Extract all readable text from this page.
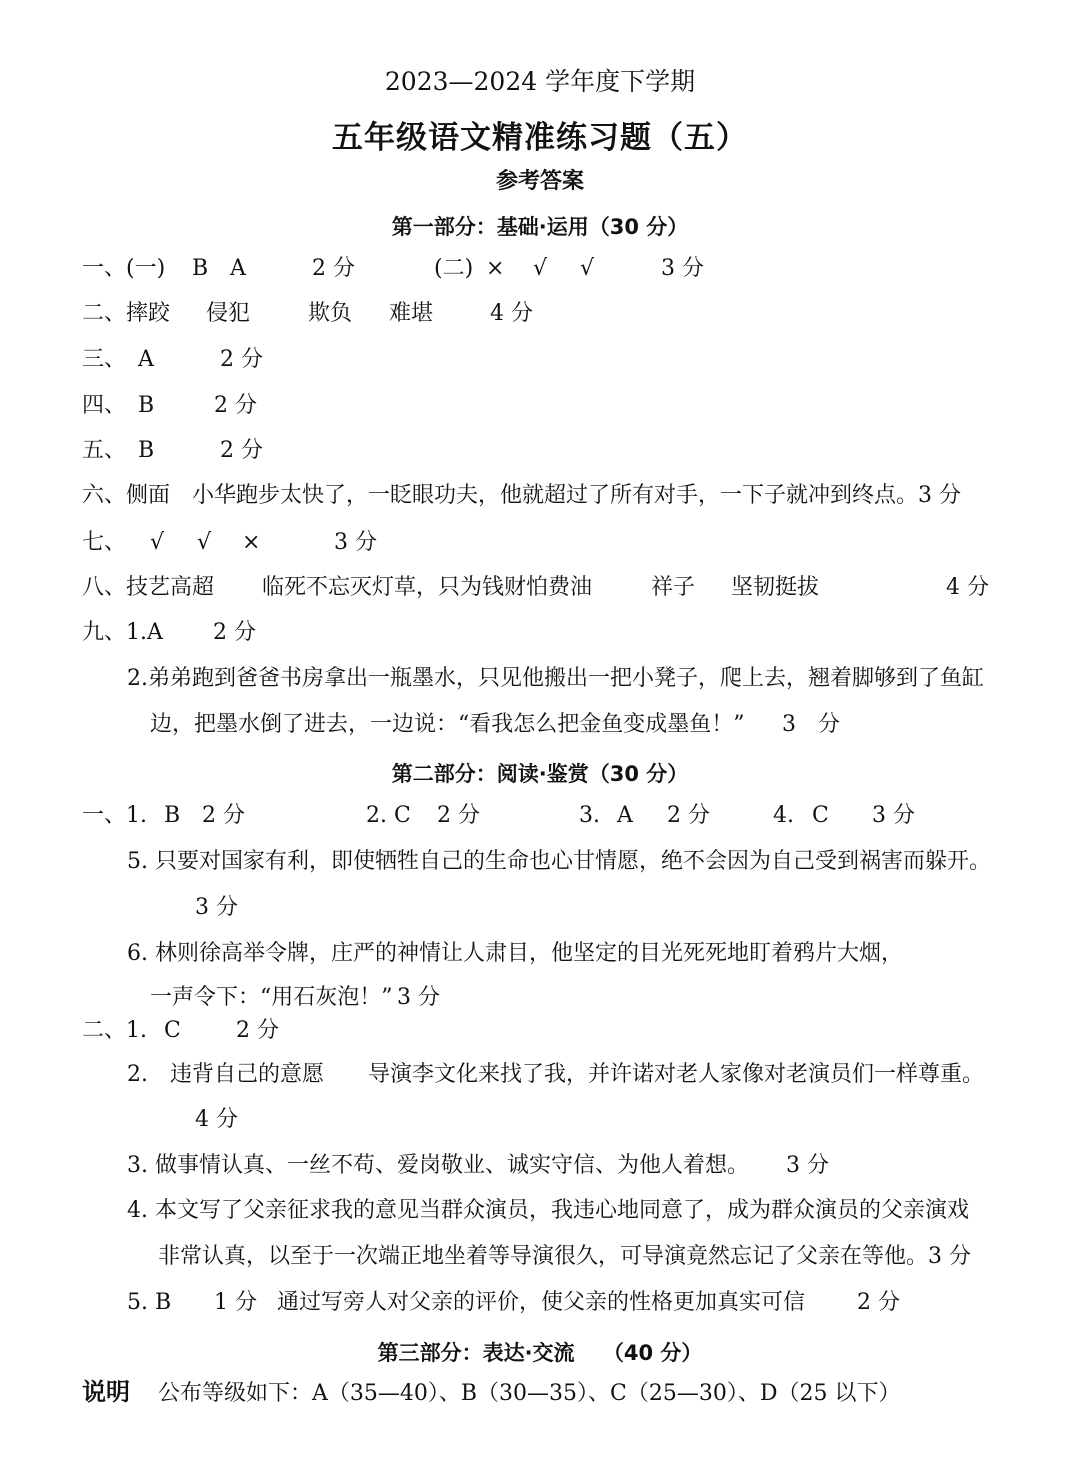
2023—2024 学年度下学期
五年级语文精准练习题（五）
参考答案
第一部分：基础·运用（30 分）
一、(一) B A	2 分	(二) × √ √	3 分
二、摔跤 侵犯	欺负 难堪	4 分
三、 A	2 分
四、 B	2 分
五、 B	2 分
六、侧面　小华跑步太快了，一眨眼功夫，他就超过了所有对手，一下子就冲到终点。3 分
七、 √ √ ×	3 分
八、技艺高超 临死不忘灭灯草，只为钱财怕费油	祥子 坚韧挺拔	4 分
九、1.A 2 分
2.弟弟跑到爸爸书房拿出一瓶墨水，只见他搬出一把小凳子，爬上去，翘着脚够到了鱼缸
边，把墨水倒了进去，一边说：“看我怎么把金鱼变成墨鱼！” 3　分
第二部分：阅读·鉴赏（30 分）
一、1. B 2 分	2. C 2 分	3. A 2 分	4. C 3 分
5. 只要对国家有利，即使牺牲自己的生命也心甘情愿，绝不会因为自己受到祸害而躲开。
3 分
6. 林则徐高举令牌，庄严的神情让人肃目，他坚定的目光死死地盯着鸦片大烟，
一声令下：“用石灰泡！” 3 分
二、1. C	2 分
2.　违背自己的意愿　　导演李文化来找了我，并许诺对老人家像对老演员们一样尊重。
4 分
3. 做事情认真、一丝不苟、爱岗敬业、诚实守信、为他人着想。 3 分
4. 本文写了父亲征求我的意见当群众演员，我违心地同意了，成为群众演员的父亲演戏
非常认真，以至于一次端正地坐着等导演很久，可导演竟然忘记了父亲在等他。3 分
5. B 1 分 通过写旁人对父亲的评价，使父亲的性格更加真实可信 2 分
第三部分：表达·交流　 （40 分）
说明 公布等级如下：A（35—40）、B（30—35）、C（25—30）、D（25 以下）
